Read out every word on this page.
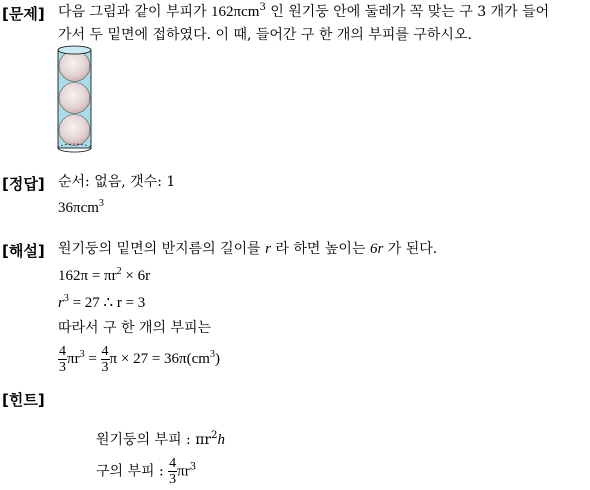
[문제] 다음 그림과 같이 부피가 162πcm$^3$ 인 원기둥 안에 둘레가 꼭 맞는 구 3 개가 들어
가서 두 밑면에 접하였다. 이 때, 들어간 구 한 개의 부피를 구하시오.
[정답] 순서: 없음, 갯수: 1
36πcm$^3$
[해설] 원기둥의 밑면의 반지름의 길이를 r 라 하면 높이는 6r 가 된다.
$162\pi = \pi r^2 \times 6r$
$r^3 = 27$ ∴ r = 3
따라서 구 한 개의 부피는
$\frac{4}{3} \pi r^3 = \frac{4}{3}$ $\pi \times 27 = 36\pi(cm^3)$
[힌트]
원기둥의 부피 : $\pi r^2h$
구의 부피 : $\frac{4}{3} \pi r^3$
